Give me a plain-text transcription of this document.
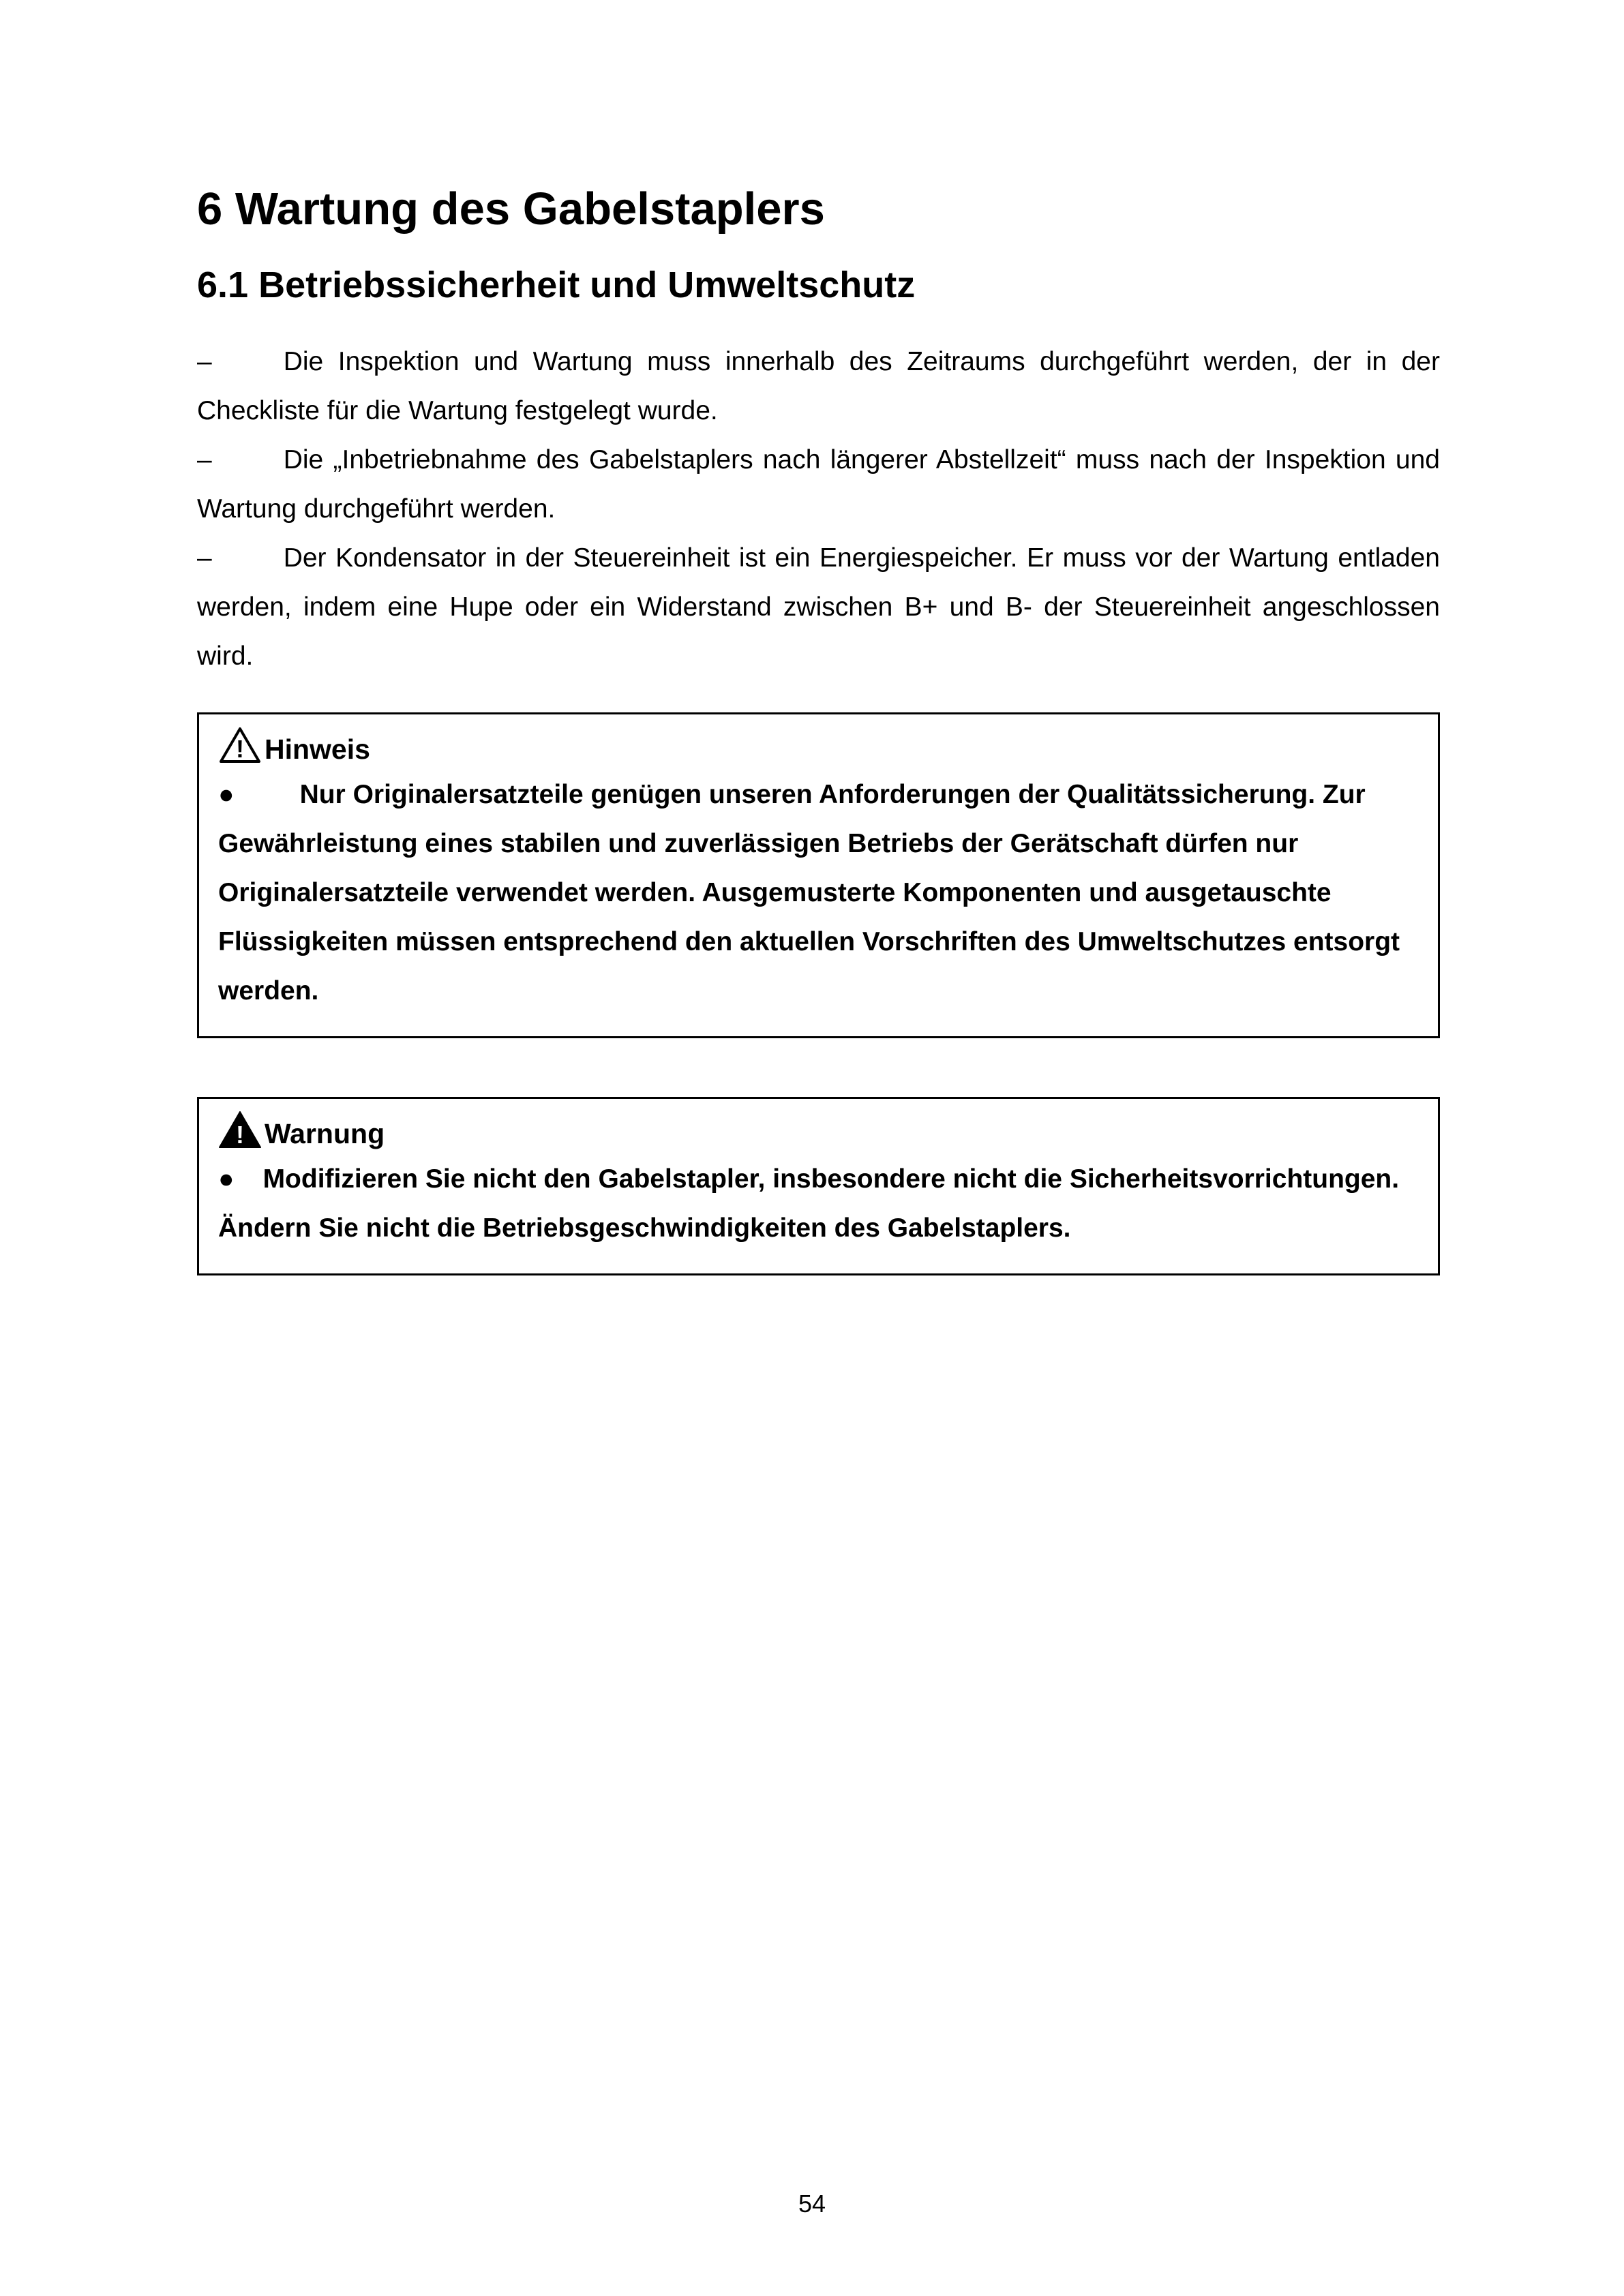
6 Wartung des Gabelstaplers
6.1 Betriebssicherheit und Umweltschutz

–	Die Inspektion und Wartung muss innerhalb des Zeitraums durchgeführt werden, der in der Checkliste für die Wartung festgelegt wurde.

–	Die „Inbetriebnahme des Gabelstaplers nach längerer Abstellzeit“ muss nach der Inspektion und Wartung durchgeführt werden.

–	Der Kondensator in der Steuereinheit ist ein Energiespeicher. Er muss vor der Wartung entladen werden, indem eine Hupe oder ein Widerstand zwischen B+ und B- der Steuereinheit angeschlossen wird.

! Hinweis

● Nur Originalersatzteile genügen unseren Anforderungen der Qualitätssicherung. Zur Gewährleistung eines stabilen und zuverlässigen Betriebs der Gerätschaft dürfen nur Originalersatzteile verwendet werden. Ausgemusterte Komponenten und ausgetauschte Flüssigkeiten müssen entsprechend den aktuellen Vorschriften des Umweltschutzes entsorgt werden.

! Warnung

● Modifizieren Sie nicht den Gabelstapler, insbesondere nicht die Sicherheitsvorrichtungen. Ändern Sie nicht die Betriebsgeschwindigkeiten des Gabelstaplers.

54
